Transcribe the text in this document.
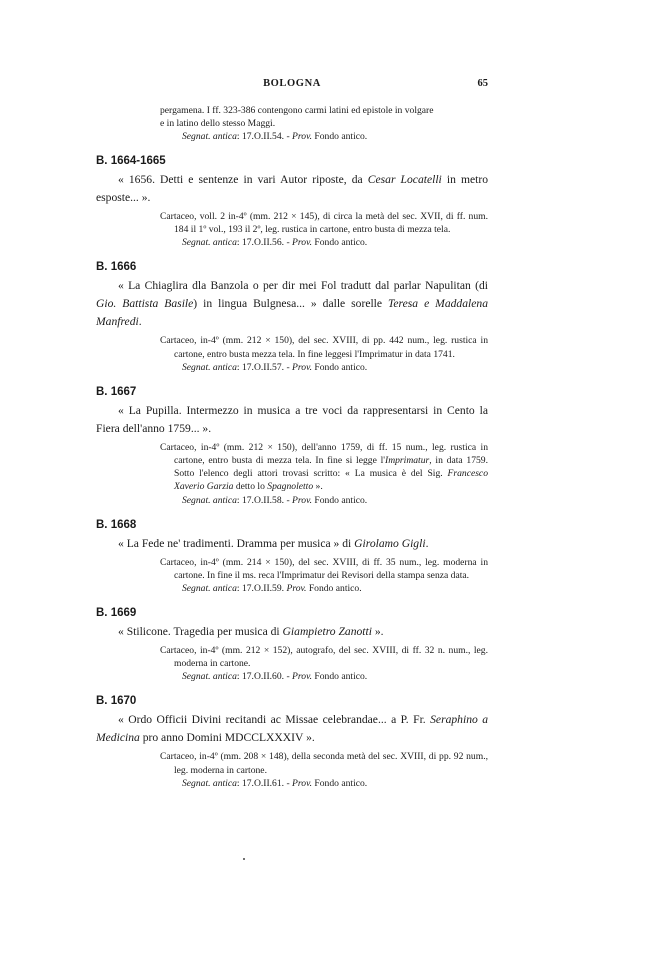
BOLOGNA	65
pergamena. I ff. 323-386 contengono carmi latini ed epistole in volgare
e in latino dello stesso Maggi.
Segnat. antica: 17.O.II.54. - Prov. Fondo antico.
B. 1664-1665
« 1656. Detti e sentenze in vari Autor riposte, da Cesar Locatelli in metro esposte... ».
Cartaceo, voll. 2 in-4º (mm. 212 × 145), di circa la metà del sec. XVII, di ff. num. 184 il 1º vol., 193 il 2º, leg. rustica in cartone, entro busta di mezza tela.
Segnat. antica: 17.O.II.56. - Prov. Fondo antico.
B. 1666
« La Chiaglira dla Banzola o per dir mei Fol tradutt dal parlar Napulitan (di Gio. Battista Basile) in lingua Bulgnesa... » dalle sorelle Teresa e Maddalena Manfredi.
Cartaceo, in-4º (mm. 212 × 150), del sec. XVIII, di pp. 442 num., leg. rustica in cartone, entro busta mezza tela. In fine leggesi l'Imprimatur in data 1741.
Segnat. antica: 17.O.II.57. - Prov. Fondo antico.
B. 1667
« La Pupilla. Intermezzo in musica a tre voci da rappresentarsi in Cento la Fiera dell'anno 1759... ».
Cartaceo, in-4º (mm. 212 × 150), dell'anno 1759, di ff. 15 num., leg. rustica in cartone, entro busta di mezza tela. In fine si legge l'Imprimatur, in data 1759. Sotto l'elenco degli attori trovasi scritto: « La musica è del Sig. Francesco Xaverio Garzia detto lo Spagnoletto ».
Segnat. antica: 17.O.II.58. - Prov. Fondo antico.
B. 1668
« La Fede ne' tradimenti. Dramma per musica » di Girolamo Gigli.
Cartaceo, in-4º (mm. 214 × 150), del sec. XVIII, di ff. 35 num., leg. moderna in cartone. In fine il ms. reca l'Imprimatur dei Revisori della stampa senza data.
Segnat. antica: 17.O.II.59. Prov. Fondo antico.
B. 1669
« Stilicone. Tragedia per musica di Giampietro Zanotti ».
Cartaceo, in-4º (mm. 212 × 152), autografo, del sec. XVIII, di ff. 32 n. num., leg. moderna in cartone.
Segnat. antica: 17.O.II.60. - Prov. Fondo antico.
B. 1670
« Ordo Officii Divini recitandi ac Missae celebrandae... a P. Fr. Seraphino a Medicina pro anno Domini MDCCLXXXIV ».
Cartaceo, in-4º (mm. 208 × 148), della seconda metà del sec. XVIII, di pp. 92 num., leg. moderna in cartone.
Segnat. antica: 17.O.II.61. - Prov. Fondo antico.
